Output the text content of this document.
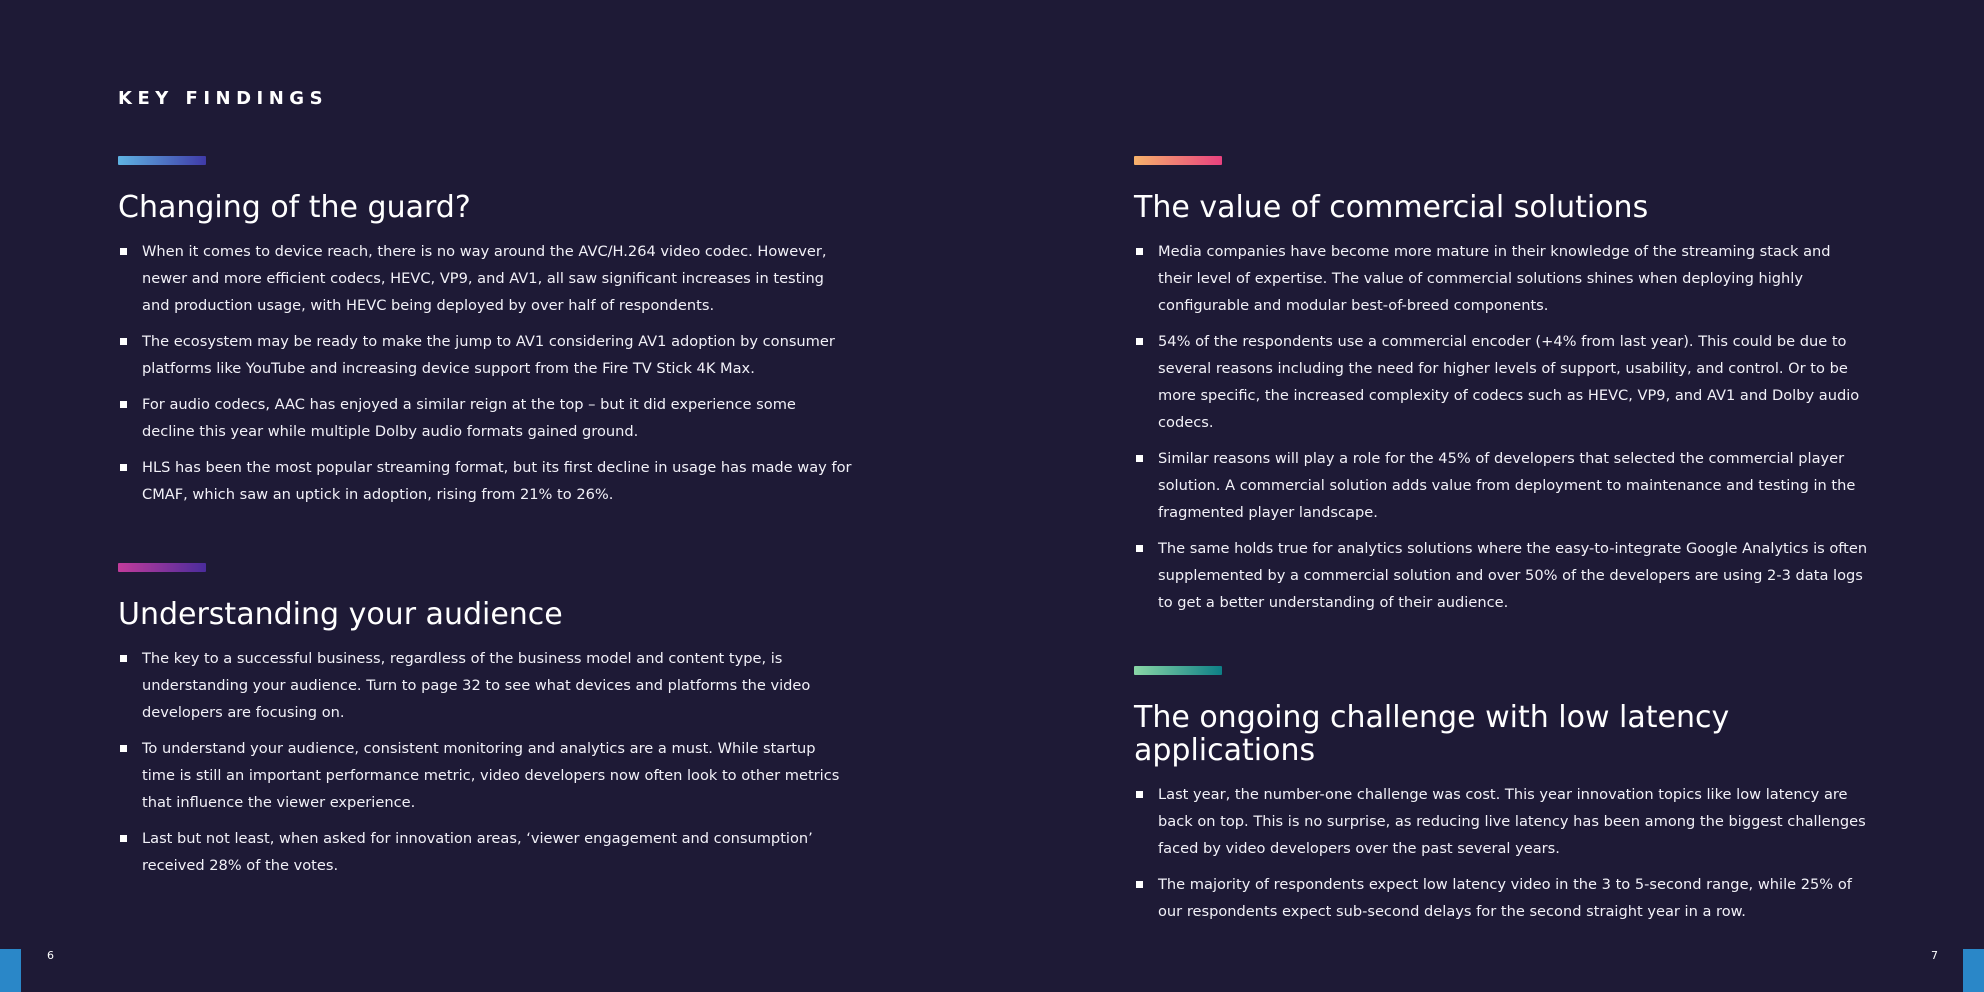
KEY FINDINGS
Changing of the guard?
When it comes to device reach, there is no way around the AVC/H.264 video codec. However, newer and more efficient codecs, HEVC, VP9, and AV1, all saw significant increases in testing and production usage, with HEVC being deployed by over half of respondents.
The ecosystem may be ready to make the jump to AV1 considering AV1 adoption by consumer platforms like YouTube and increasing device support from the Fire TV Stick 4K Max.
For audio codecs, AAC has enjoyed a similar reign at the top – but it did experience some decline this year while multiple Dolby audio formats gained ground.
HLS has been the most popular streaming format, but its first decline in usage has made way for CMAF, which saw an uptick in adoption, rising from 21% to 26%.
Understanding your audience
The key to a successful business, regardless of the business model and content type, is understanding your audience. Turn to page 32 to see what devices and platforms the video developers are focusing on.
To understand your audience, consistent monitoring and analytics are a must. While startup time is still an important performance metric, video developers now often look to other metrics that influence the viewer experience.
Last but not least, when asked for innovation areas, ‘viewer engagement and consumption’ received 28% of the votes.
The value of commercial solutions
Media companies have become more mature in their knowledge of the streaming stack and their level of expertise. The value of commercial solutions shines when deploying highly configurable and modular best-of-breed components.
54% of the respondents use a commercial encoder (+4% from last year). This could be due to several reasons including the need for higher levels of support, usability, and control. Or to be more specific, the increased complexity of codecs such as HEVC, VP9, and AV1 and Dolby audio codecs.
Similar reasons will play a role for the 45% of developers that selected the commercial player solution. A commercial solution adds value from deployment to maintenance and testing in the fragmented player landscape.
The same holds true for analytics solutions where the easy-to-integrate Google Analytics is often supplemented by a commercial solution and over 50% of the developers are using 2-3 data logs to get a better understanding of their audience.
The ongoing challenge with low latency applications
Last year, the number-one challenge was cost. This year innovation topics like low latency are back on top. This is no surprise, as reducing live latency has been among the biggest challenges faced by video developers over the past several years.
The majority of respondents expect low latency video in the 3 to 5-second range, while 25% of our respondents expect sub-second delays for the second straight year in a row.
6	7
